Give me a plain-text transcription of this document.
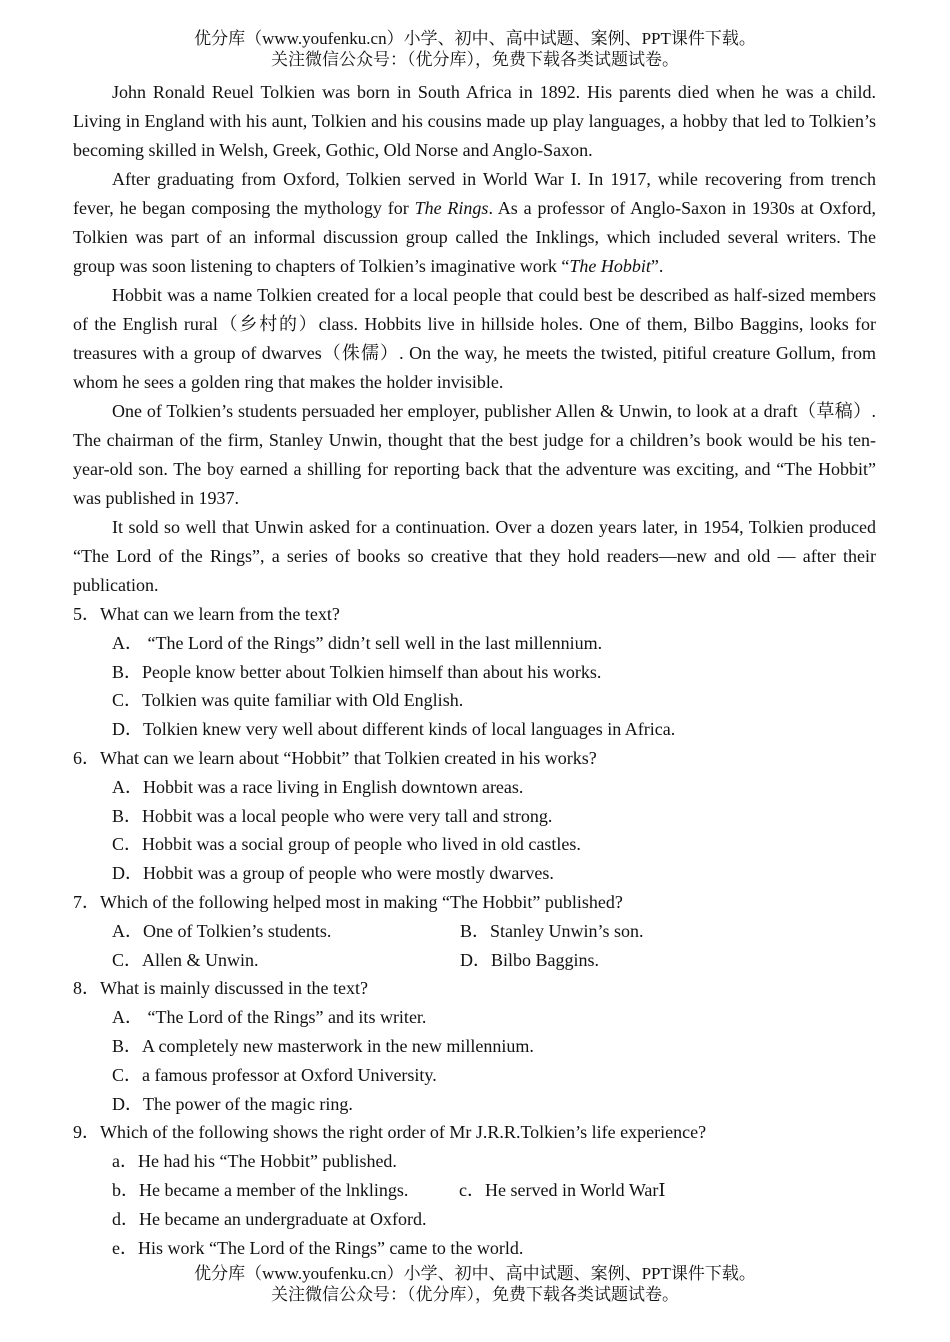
优分库（www.youfenku.cn）小学、初中、高中试题、案例、PPT课件下载。
关注微信公众号：（优分库），免费下载各类试题试卷。

John Ronald Reuel Tolkien was born in South Africa in 1892. His parents died when he was a child. Living in England with his aunt, Tolkien and his cousins made up play languages, a hobby that led to Tolkien’s becoming skilled in Welsh, Greek, Gothic, Old Norse and Anglo-Saxon.

After graduating from Oxford, Tolkien served in World War I. In 1917, while recovering from trench fever, he began composing the mythology for The Rings. As a professor of Anglo-Saxon in 1930s at Oxford, Tolkien was part of an informal discussion group called the Inklings, which included several writers. The group was soon listening to chapters of Tolkien’s imaginative work “The Hobbit”.

Hobbit was a name Tolkien created for a local people that could best be described as half-sized members of the English rural（乡村的）class. Hobbits live in hillside holes. One of them, Bilbo Baggins, looks for treasures with a group of dwarves（侏儒）. On the way, he meets the twisted, pitiful creature Gollum, from whom he sees a golden ring that makes the holder invisible.

One of Tolkien’s students persuaded her employer, publisher Allen & Unwin, to look at a draft（草稿）. The chairman of the firm, Stanley Unwin, thought that the best judge for a children’s book would be his ten-year-old son. The boy earned a shilling for reporting back that the adventure was exciting, and “The Hobbit” was published in 1937.

It sold so well that Unwin asked for a continuation. Over a dozen years later, in 1954, Tolkien produced “The Lord of the Rings”, a series of books so creative that they hold readers—new and old — after their publication.

5．What can we learn from the text?
A． “The Lord of the Rings” didn’t sell well in the last millennium.
B．People know better about Tolkien himself than about his works.
C．Tolkien was quite familiar with Old English.
D．Tolkien knew very well about different kinds of local languages in Africa.
6．What can we learn about “Hobbit” that Tolkien created in his works?
A．Hobbit was a race living in English downtown areas.
B．Hobbit was a local people who were very tall and strong.
C．Hobbit was a social group of people who lived in old castles.
D．Hobbit was a group of people who were mostly dwarves.
7．Which of the following helped most in making “The Hobbit” published?
A．One of Tolkien’s students.	B．Stanley Unwin’s son.
C．Allen & Unwin.	D．Bilbo Baggins.
8．What is mainly discussed in the text?
A． “The Lord of the Rings” and its writer.
B．A completely new masterwork in the new millennium.
C．a famous professor at Oxford University.
D．The power of the magic ring.
9．Which of the following shows the right order of Mr J.R.R.Tolkien’s life experience?
a．He had his “The Hobbit” published.
b．He became a member of the lnklings.	c．He served in World WarⅠ
d．He became an undergraduate at Oxford.
e．His work “The Lord of the Rings” came to the world.
优分库（www.youfenku.cn）小学、初中、高中试题、案例、PPT课件下载。
关注微信公众号：（优分库），免费下载各类试题试卷。
